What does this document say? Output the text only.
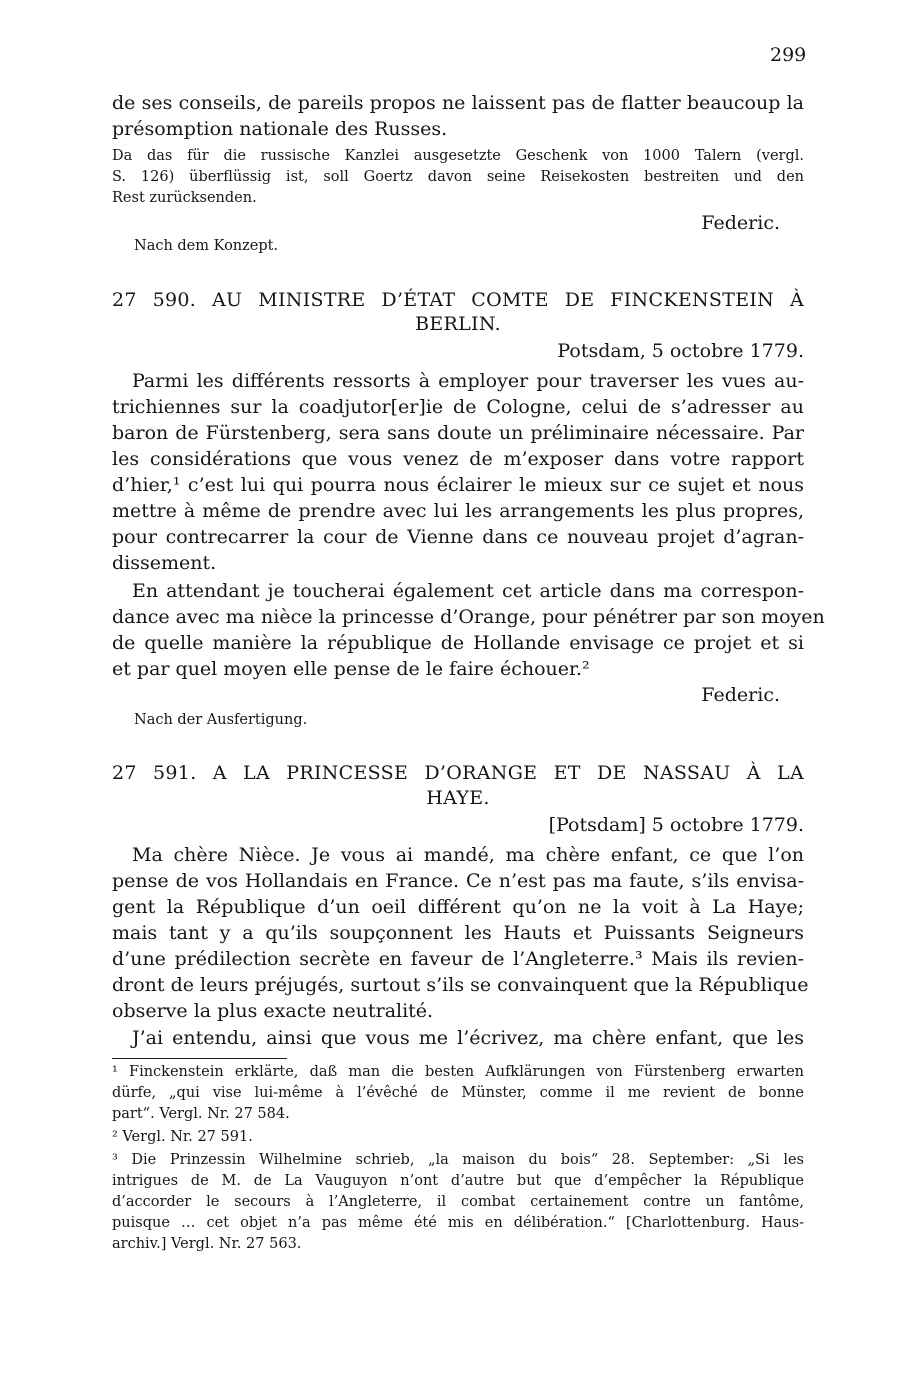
299
de ses conseils, de pareils propos ne laissent pas de flatter beaucoup la
présomption nationale des Russes.
Da das für die russische Kanzlei ausgesetzte Geschenk von 1000 Talern (vergl.
S. 126) überflüssig ist, soll Goertz davon seine Reisekosten bestreiten und den
Rest zurücksenden.
Federic.
Nach dem Konzept.
27 590. AU MINISTRE D’ÉTAT COMTE DE FINCKENSTEIN À
BERLIN.
Potsdam, 5 octobre 1779.
Parmi les différents ressorts à employer pour traverser les vues au-
trichiennes sur la coadjutor[er]ie de Cologne, celui de s’adresser au
baron de Fürstenberg, sera sans doute un préliminaire nécessaire. Par
les considérations que vous venez de m’exposer dans votre rapport
d’hier,¹ c’est lui qui pourra nous éclairer le mieux sur ce sujet et nous
mettre à même de prendre avec lui les arrangements les plus propres,
pour contrecarrer la cour de Vienne dans ce nouveau projet d’agran-
dissement.
En attendant je toucherai également cet article dans ma correspon-
dance avec ma nièce la princesse d’Orange, pour pénétrer par son moyen
de quelle manière la république de Hollande envisage ce projet et si
et par quel moyen elle pense de le faire échouer.²
Federic.
Nach der Ausfertigung.
27 591. A LA PRINCESSE D’ORANGE ET DE NASSAU À LA
HAYE.
[Potsdam] 5 octobre 1779.
Ma chère Nièce. Je vous ai mandé, ma chère enfant, ce que l’on
pense de vos Hollandais en France. Ce n’est pas ma faute, s’ils envisa-
gent la République d’un oeil différent qu’on ne la voit à La Haye;
mais tant y a qu’ils soupçonnent les Hauts et Puissants Seigneurs
d’une prédilection secrète en faveur de l’Angleterre.³ Mais ils revien-
dront de leurs préjugés, surtout s’ils se convainquent que la République
observe la plus exacte neutralité.
J’ai entendu, ainsi que vous me l’écrivez, ma chère enfant, que les
¹ Finckenstein erklärte, daß man die besten Aufklärungen von Fürstenberg erwarten
dürfe, „qui vise lui-même à l’évêché de Münster, comme il me revient de bonne
part“. Vergl. Nr. 27 584.
² Vergl. Nr. 27 591.
³ Die Prinzessin Wilhelmine schrieb, „la maison du bois“ 28. September: „Si les
intrigues de M. de La Vauguyon n’ont d’autre but que d’empêcher la République
d’accorder le secours à l’Angleterre, il combat certainement contre un fantôme,
puisque … cet objet n’a pas même été mis en délibération.“ [Charlottenburg. Haus-
archiv.] Vergl. Nr. 27 563.
